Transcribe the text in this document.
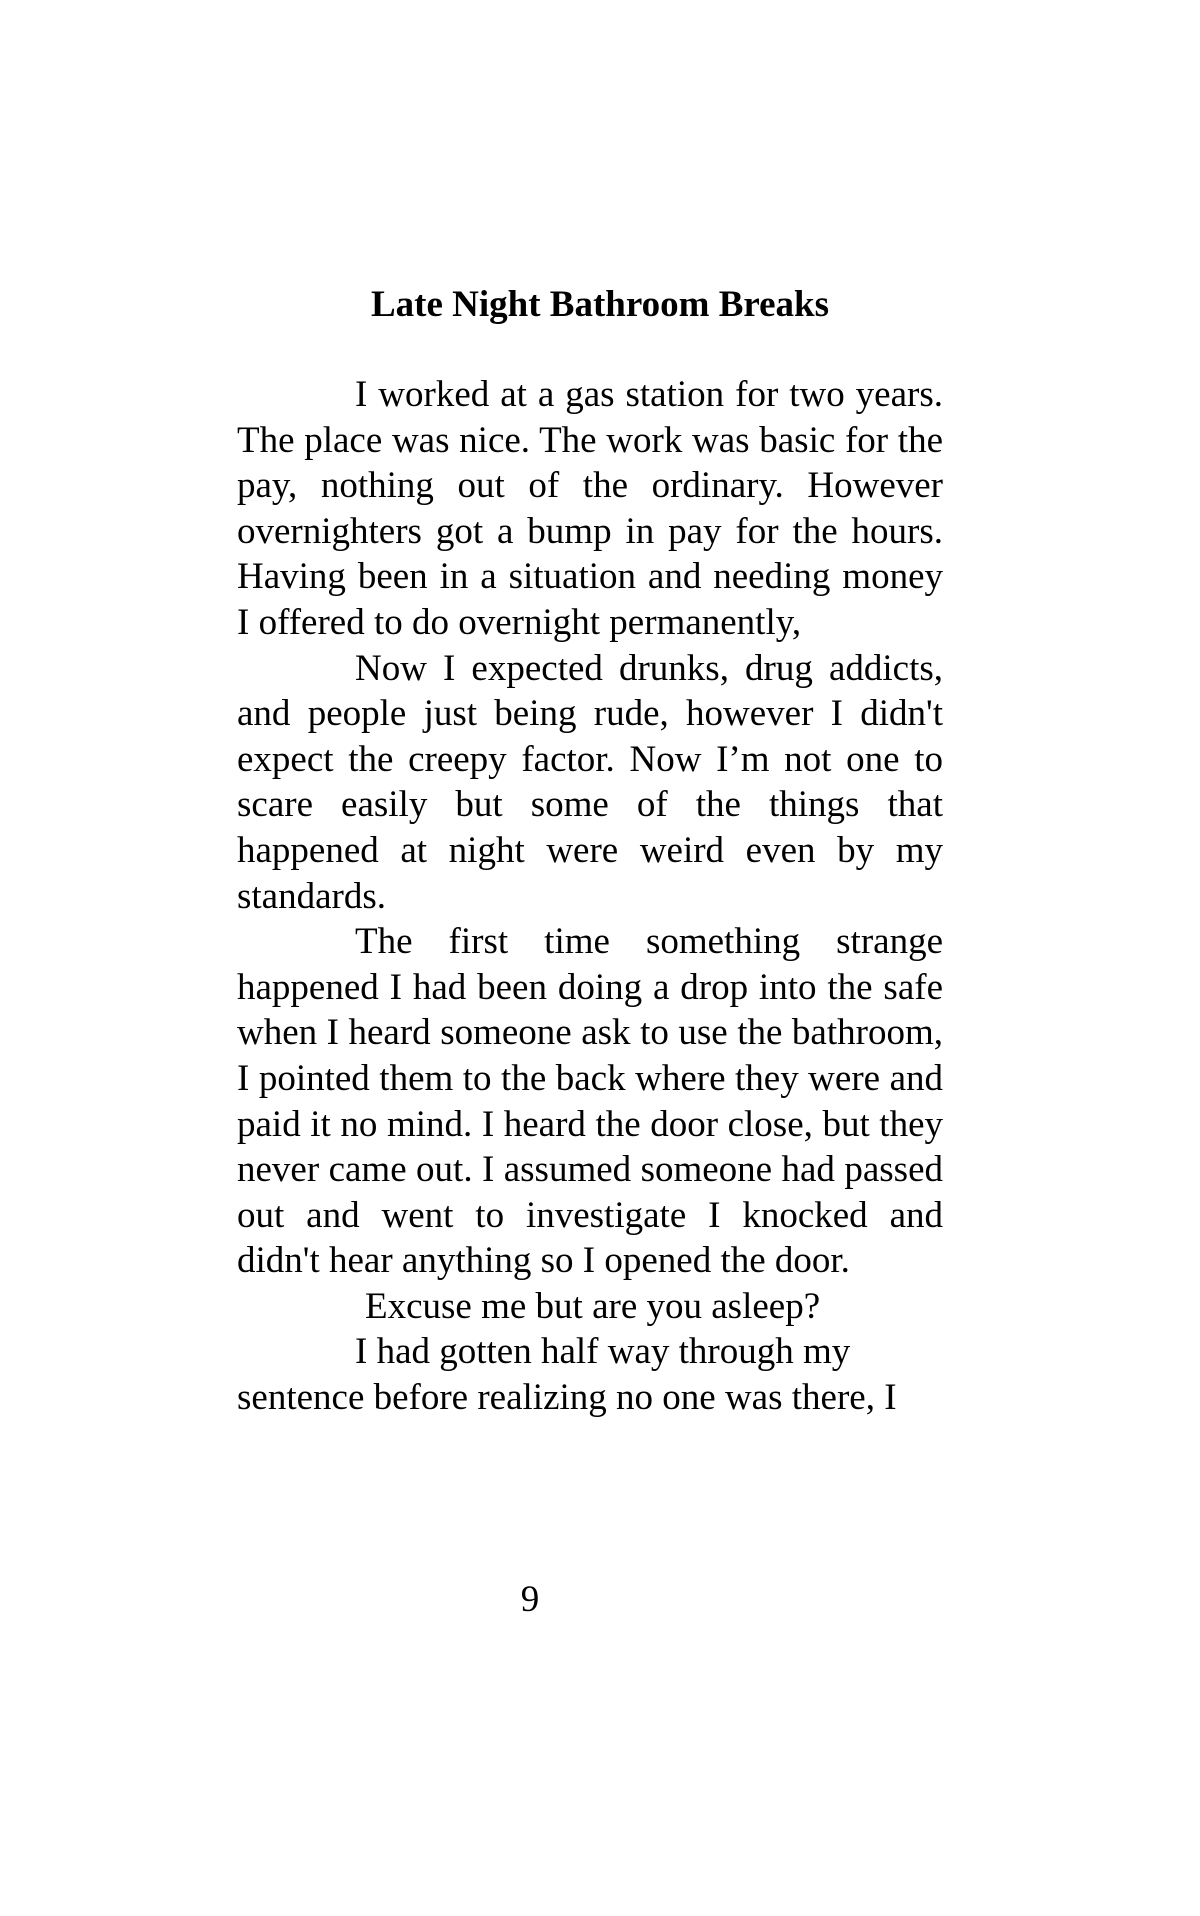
Late Night Bathroom Breaks

I worked at a gas station for two years. The place was nice. The work was basic for the pay, nothing out of the ordinary. However overnighters got a bump in pay for the hours. Having been in a situation and needing money I offered to do overnight permanently,

Now I expected drunks, drug addicts, and people just being rude, however I didn't expect the creepy factor. Now I’m not one to scare easily but some of the things that happened at night were weird even by my standards.

The first time something strange happened I had been doing a drop into the safe when I heard someone ask to use the bathroom, I pointed them to the back where they were and paid it no mind. I heard the door close, but they never came out. I assumed someone had passed out and went to investigate I knocked and didn't hear anything so I opened the door.

Excuse me but are you asleep?

I had gotten half way through my sentence before realizing no one was there, I

9
